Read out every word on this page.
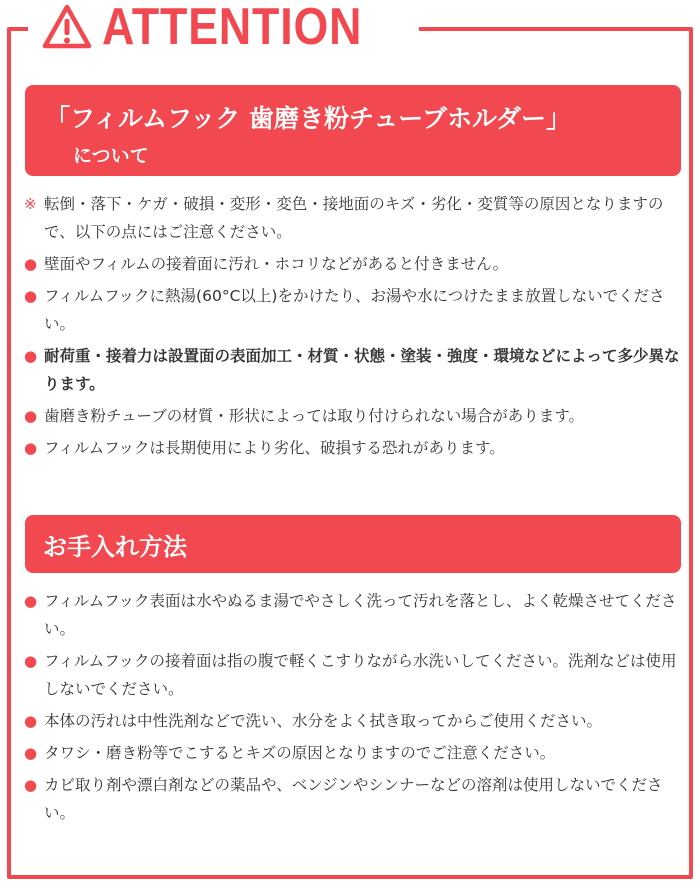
ATTENTION
「フィルムフック 歯磨き粉チューブホルダー」
について
※ 転倒・落下・ケガ・破損・変形・変色・接地面のキズ・劣化・変質等の原因となりますので、以下の点にはご注意ください。
● 壁面やフィルムの接着面に汚れ・ホコリなどがあると付きません。
● フィルムフックに熱湯(60°C以上)をかけたり、お湯や水につけたまま放置しないでください。
● 耐荷重・接着力は設置面の表面加工・材質・状態・塗装・強度・環境などによって多少異なります。
● 歯磨き粉チューブの材質・形状によっては取り付けられない場合があります。
● フィルムフックは長期使用により劣化、破損する恐れがあります。
お手入れ方法
● フィルムフック表面は水やぬるま湯でやさしく洗って汚れを落とし、よく乾燥させてください。
● フィルムフックの接着面は指の腹で軽くこすりながら水洗いしてください。洗剤などは使用しないでください。
● 本体の汚れは中性洗剤などで洗い、水分をよく拭き取ってからご使用ください。
● タワシ・磨き粉等でこするとキズの原因となりますのでご注意ください。
● カビ取り剤や漂白剤などの薬品や、ベンジンやシンナーなどの溶剤は使用しないでください。
